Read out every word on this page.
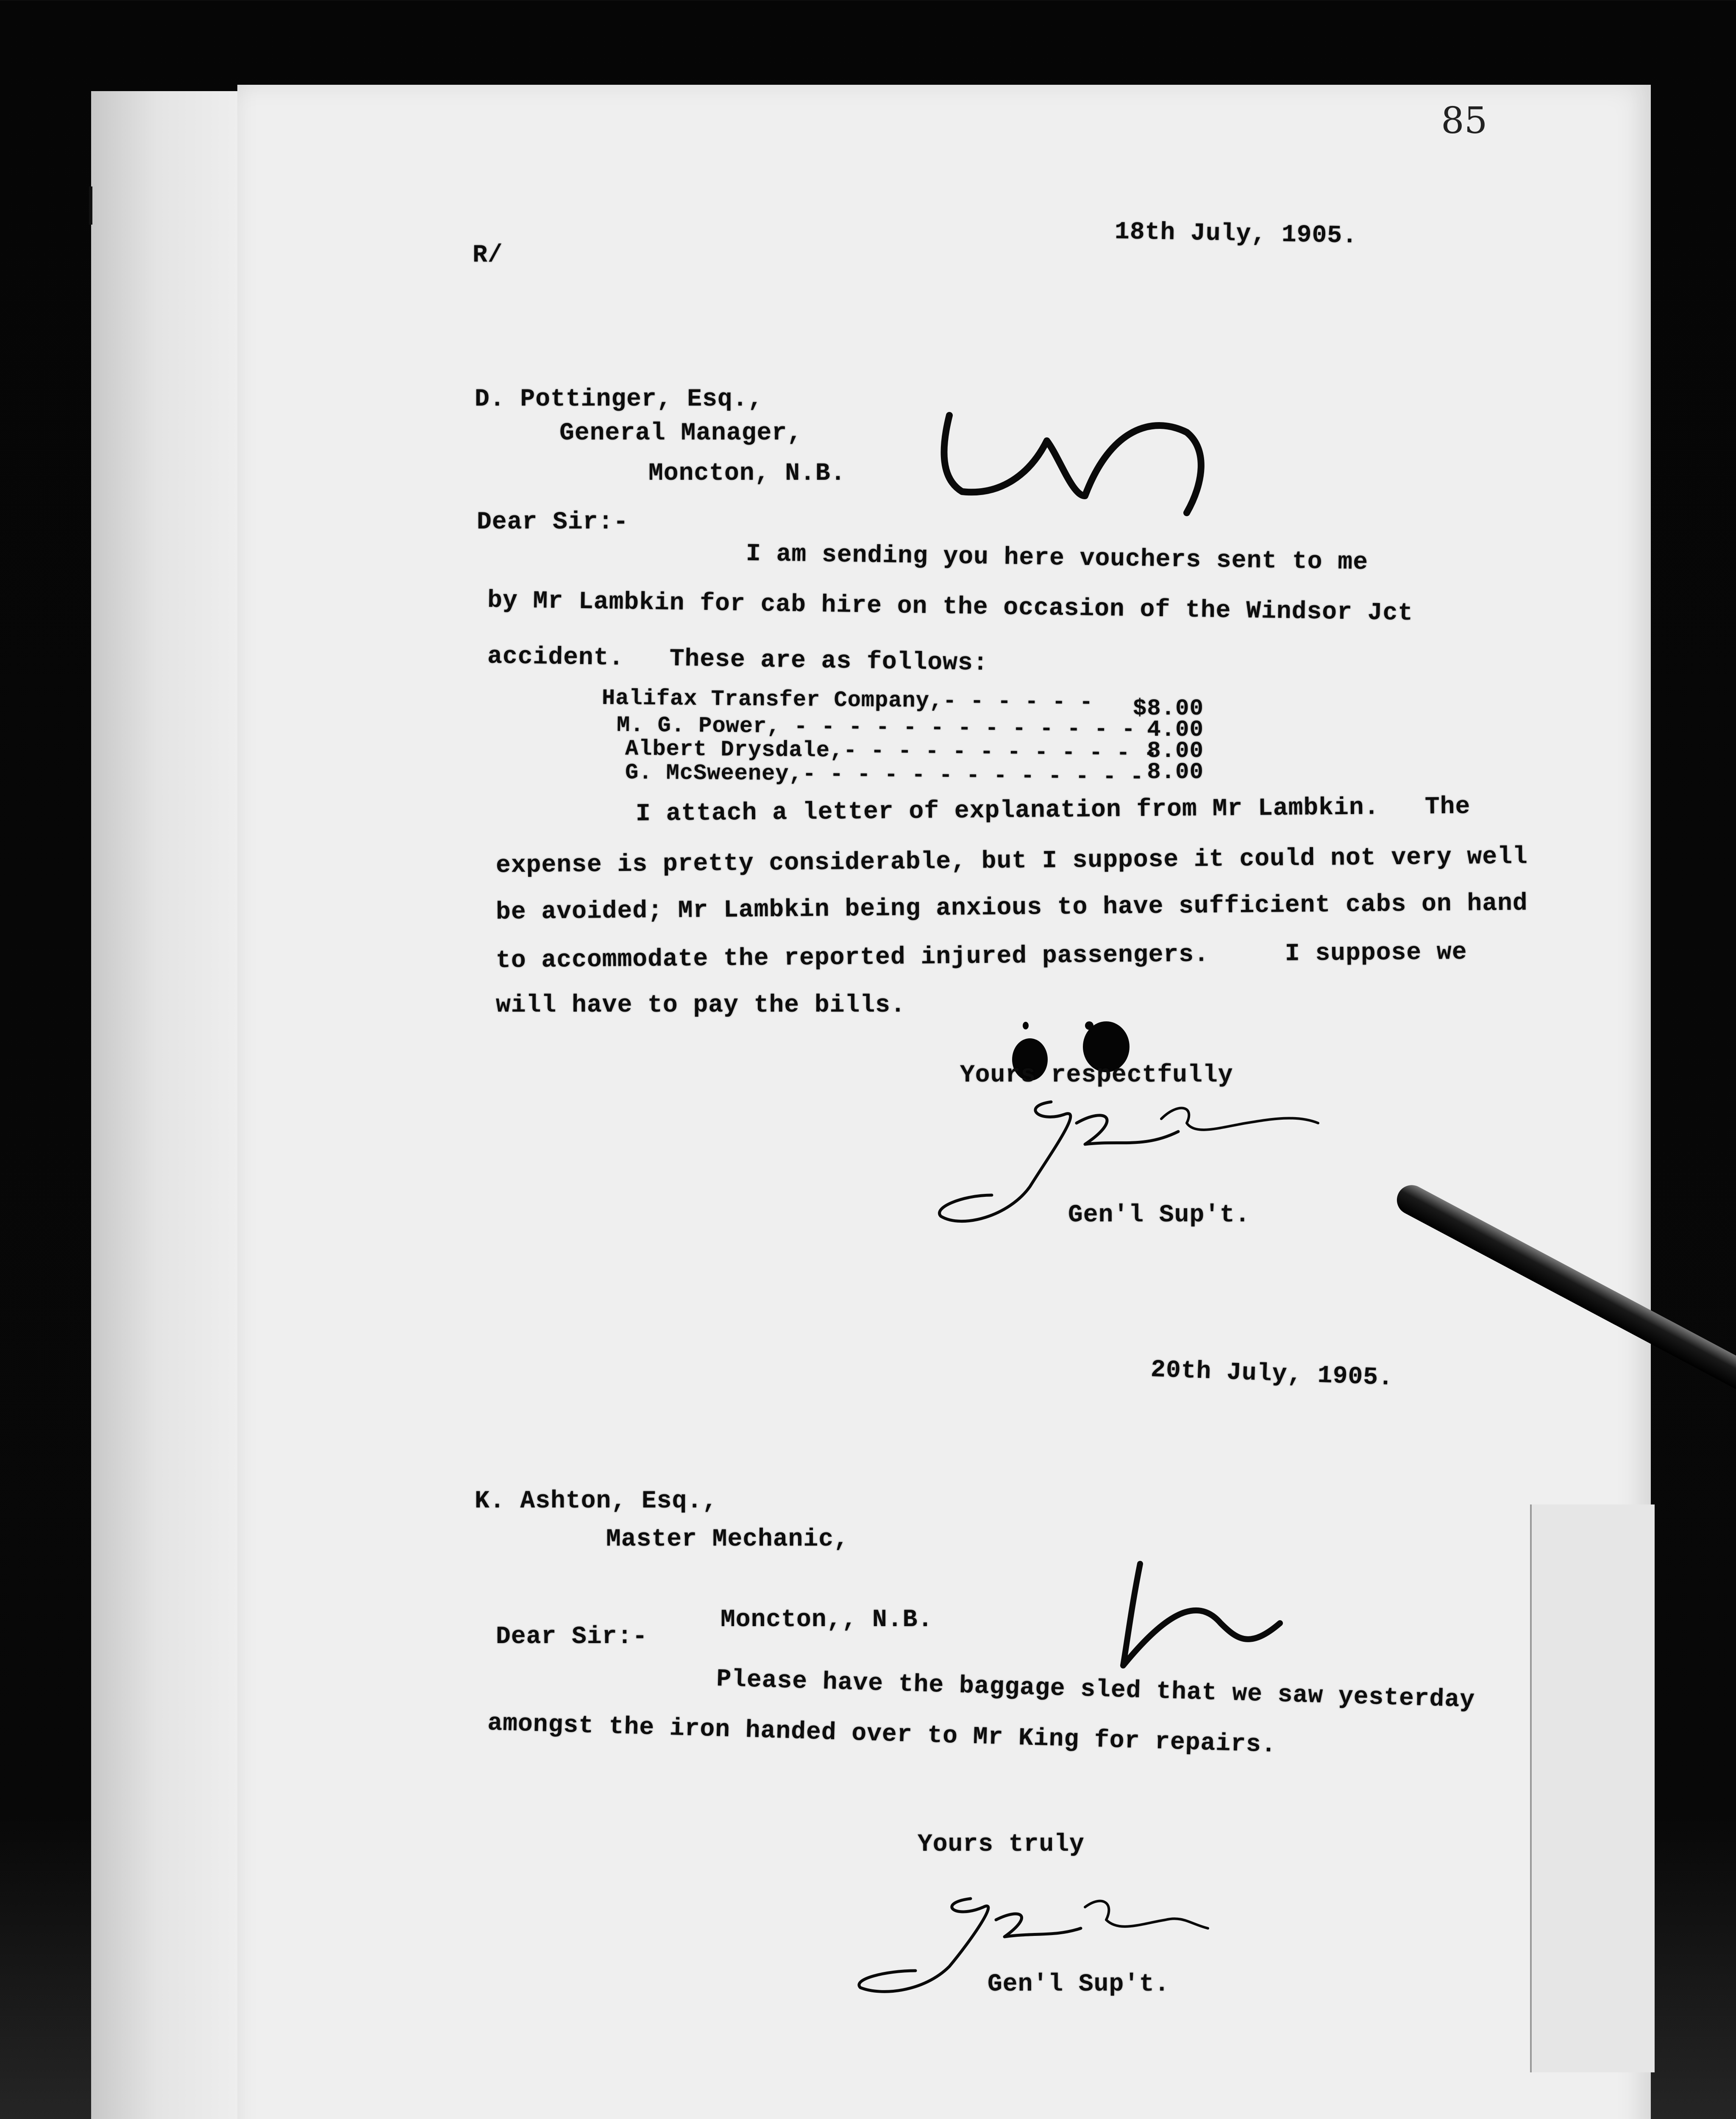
85
R/
18th July, 1905.
D. Pottinger, Esq.,
General Manager,
Moncton, N.B.
Dear Sir:-
I am sending you here vouchers sent to me
by Mr Lambkin for cab hire on the occasion of the Windsor Jct
accident.   These are as follows:
Halifax Transfer Company,- - - - - -	$8.00
M. G. Power, - - - - - - - - - - - - - 4.00
Albert Drysdale,- - - - - - - - - - - -
8.00
G. McSweeney,- - - - - - - - - - - - - 8.00
I attach a letter of explanation from Mr Lambkin.   The
expense is pretty considerable, but I suppose it could not very well
be avoided; Mr Lambkin being anxious to have sufficient cabs on hand
to accommodate the reported injured passengers.     I suppose we
will have to pay the bills.
Yours respectfully
Gen'l Sup't.
20th July, 1905.
K. Ashton, Esq.,
Master Mechanic,
Moncton,, N.B.
Dear Sir:-
Please have the baggage sled that we saw yesterday
amongst the iron handed over to Mr King for repairs.
Yours truly
Gen'l Sup't.
